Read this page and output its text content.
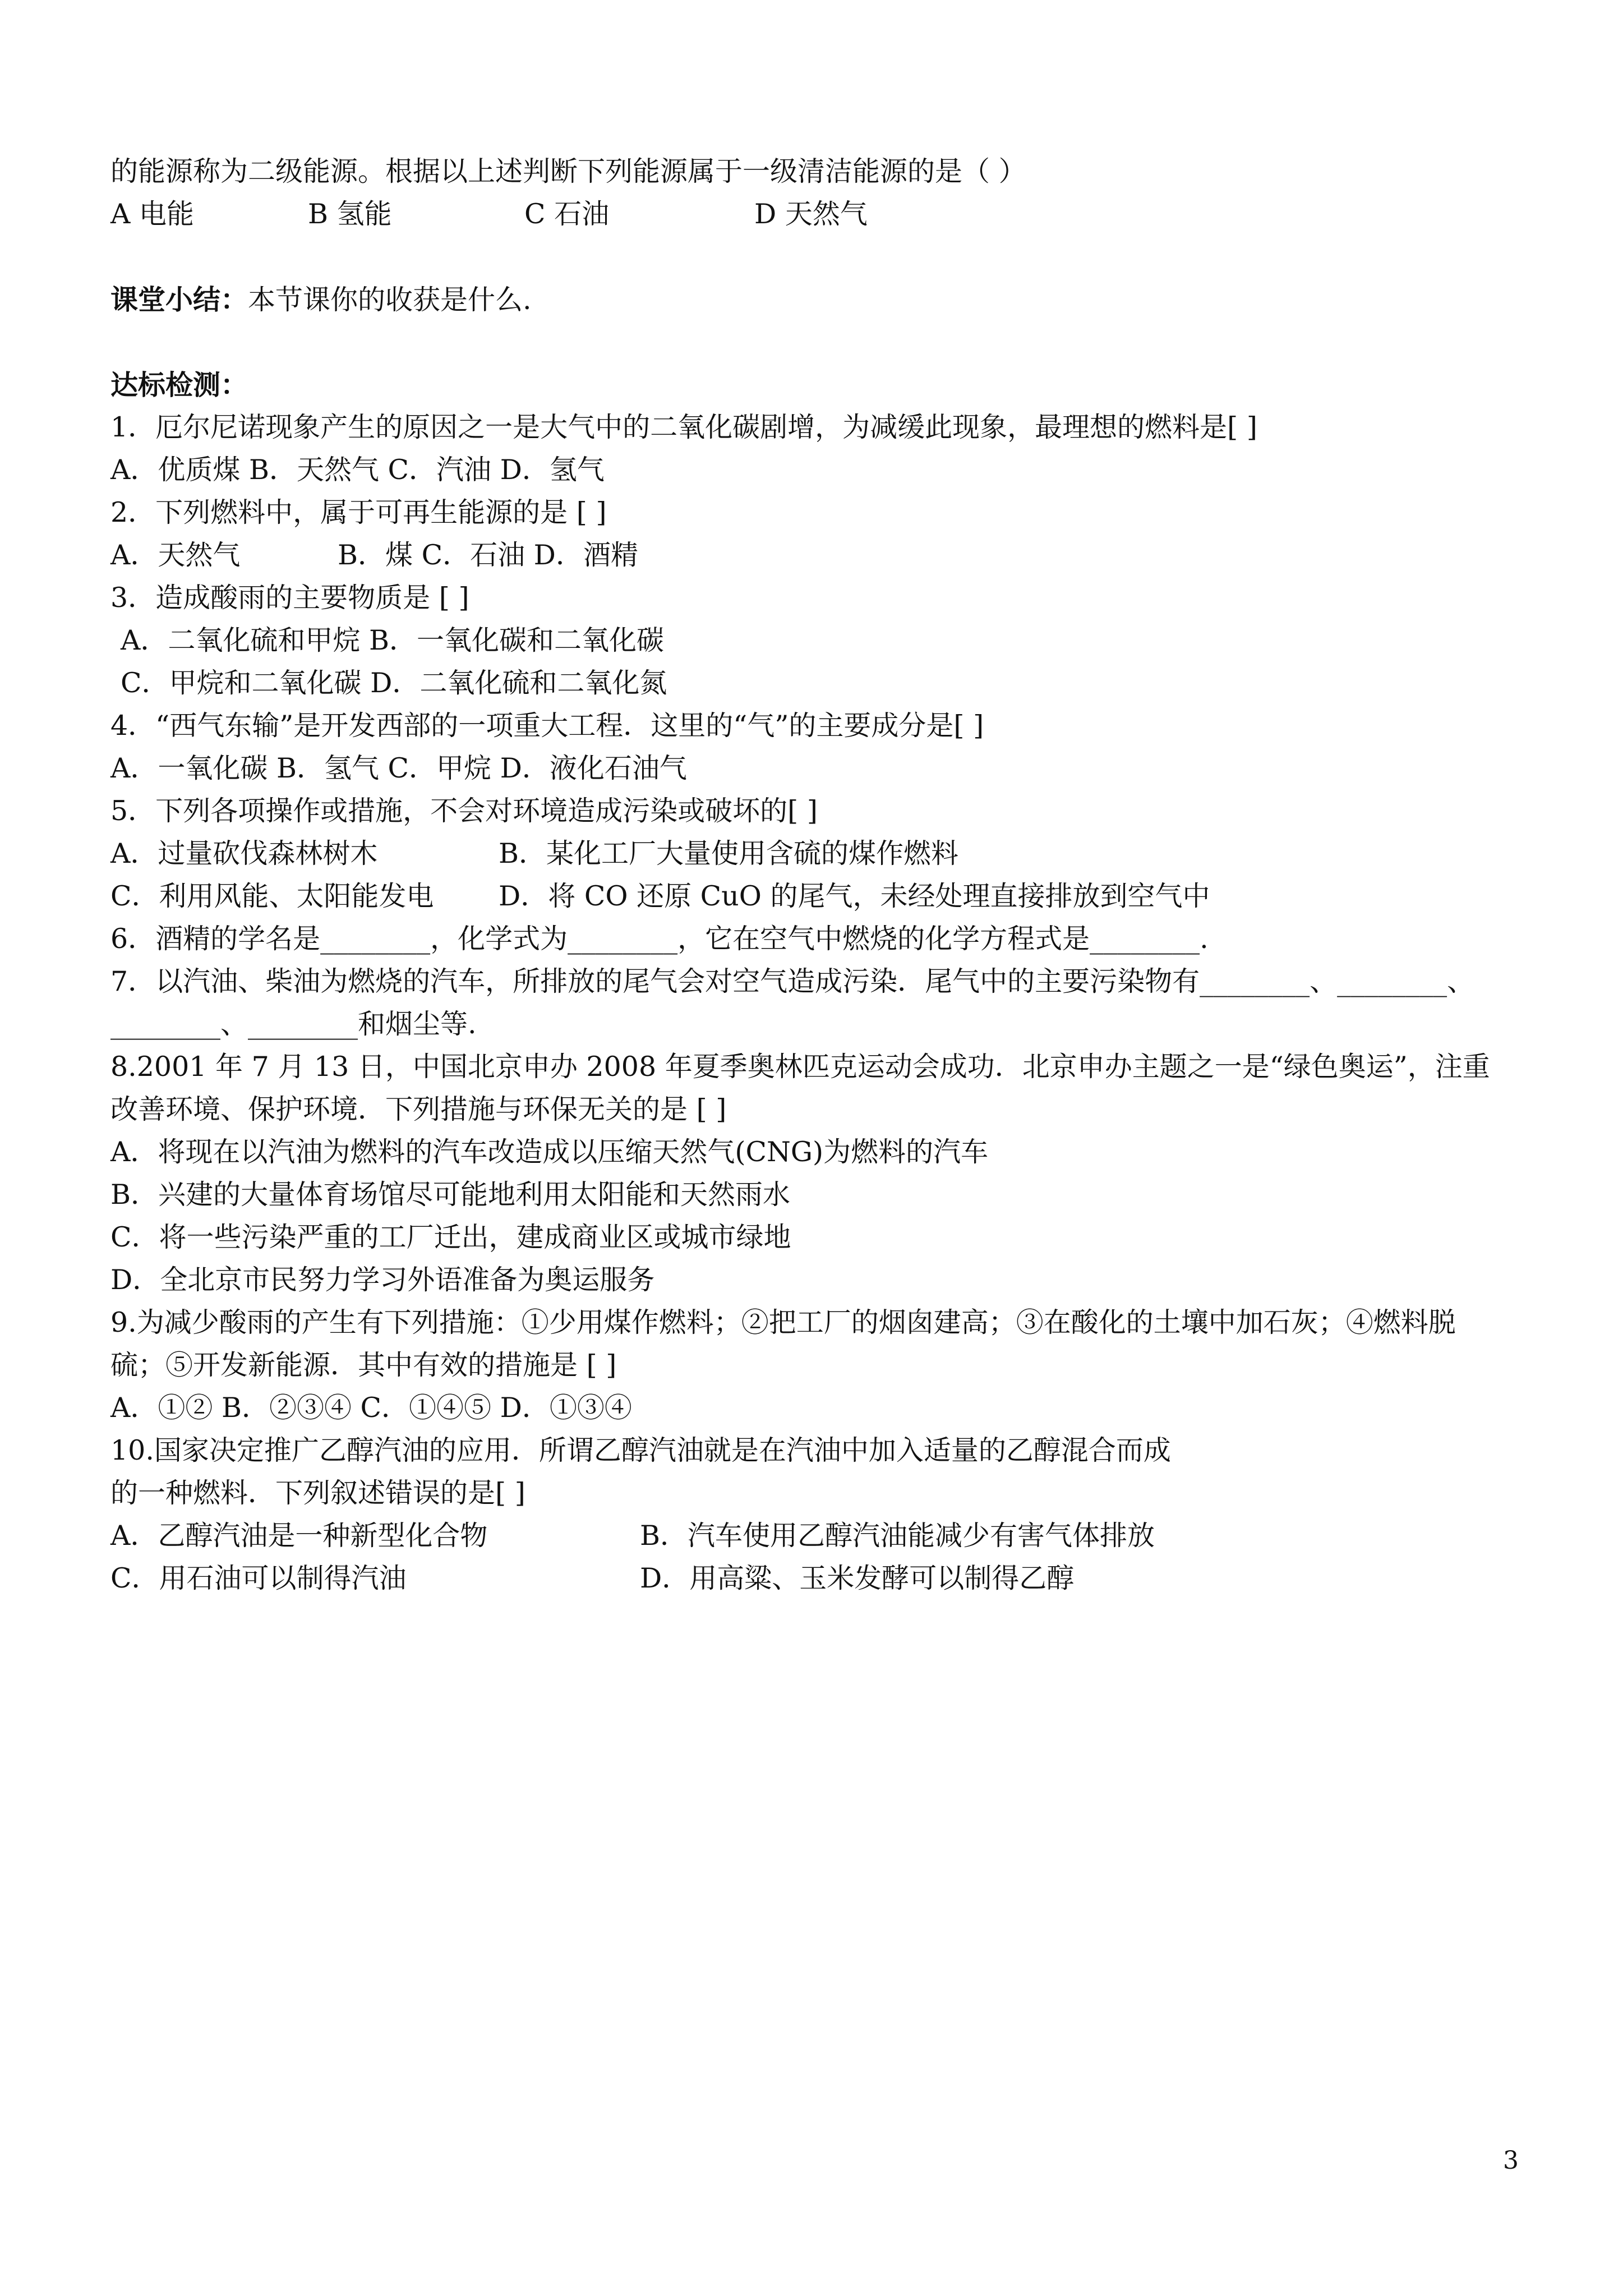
的能源称为二级能源。根据以上述判断下列能源属于一级清洁能源的是（ ）
A 电能	B 氢能	C 石油	D 天然气
课堂小结：本节课你的收获是什么.
达标检测：
1．厄尔尼诺现象产生的原因之一是大气中的二氧化碳剧增，为减缓此现象，最理想的燃料是[ ]
A．优质煤 B．天然气 C．汽油 D．氢气
2．下列燃料中，属于可再生能源的是 [ ]
A．天然气	B．煤 C．石油 D．酒精
3．造成酸雨的主要物质是 [ ]
A．二氧化硫和甲烷 B．一氧化碳和二氧化碳
C．甲烷和二氧化碳 D．二氧化硫和二氧化氮
4．“西气东输”是开发西部的一项重大工程．这里的“气”的主要成分是[ ]
A．一氧化碳 B．氢气 C．甲烷 D．液化石油气
5．下列各项操作或措施，不会对环境造成污染或破坏的[ ]
A．过量砍伐森林树木	B．某化工厂大量使用含硫的煤作燃料
C．利用风能、太阳能发电 D．将 CO 还原 CuO 的尾气，未经处理直接排放到空气中
6．酒精的学名是________，化学式为________，它在空气中燃烧的化学方程式是________.
7．以汽油、柴油为燃烧的汽车，所排放的尾气会对空气造成污染．尾气中的主要污染物有________、________、
________、________和烟尘等.
8.2001 年 7 月 13 日，中国北京申办 2008 年夏季奥林匹克运动会成功．北京申办主题之一是“绿色奥运”，注重
改善环境、保护环境．下列措施与环保无关的是 [ ]
A．将现在以汽油为燃料的汽车改造成以压缩天然气(CNG)为燃料的汽车
B．兴建的大量体育场馆尽可能地利用太阳能和天然雨水
C．将一些污染严重的工厂迁出，建成商业区或城市绿地
D．全北京市民努力学习外语准备为奥运服务
9.为减少酸雨的产生有下列措施：①少用煤作燃料；②把工厂的烟囱建高；③在酸化的土壤中加石灰；④燃料脱
硫；⑤开发新能源．其中有效的措施是 [ ]
A．①② B．②③④ C．①④⑤ D．①③④
10.国家决定推广乙醇汽油的应用．所谓乙醇汽油就是在汽油中加入适量的乙醇混合而成
的一种燃料．下列叙述错误的是[ ]
A．乙醇汽油是一种新型化合物	B．汽车使用乙醇汽油能减少有害气体排放
C．用石油可以制得汽油	D．用高粱、玉米发酵可以制得乙醇
3
